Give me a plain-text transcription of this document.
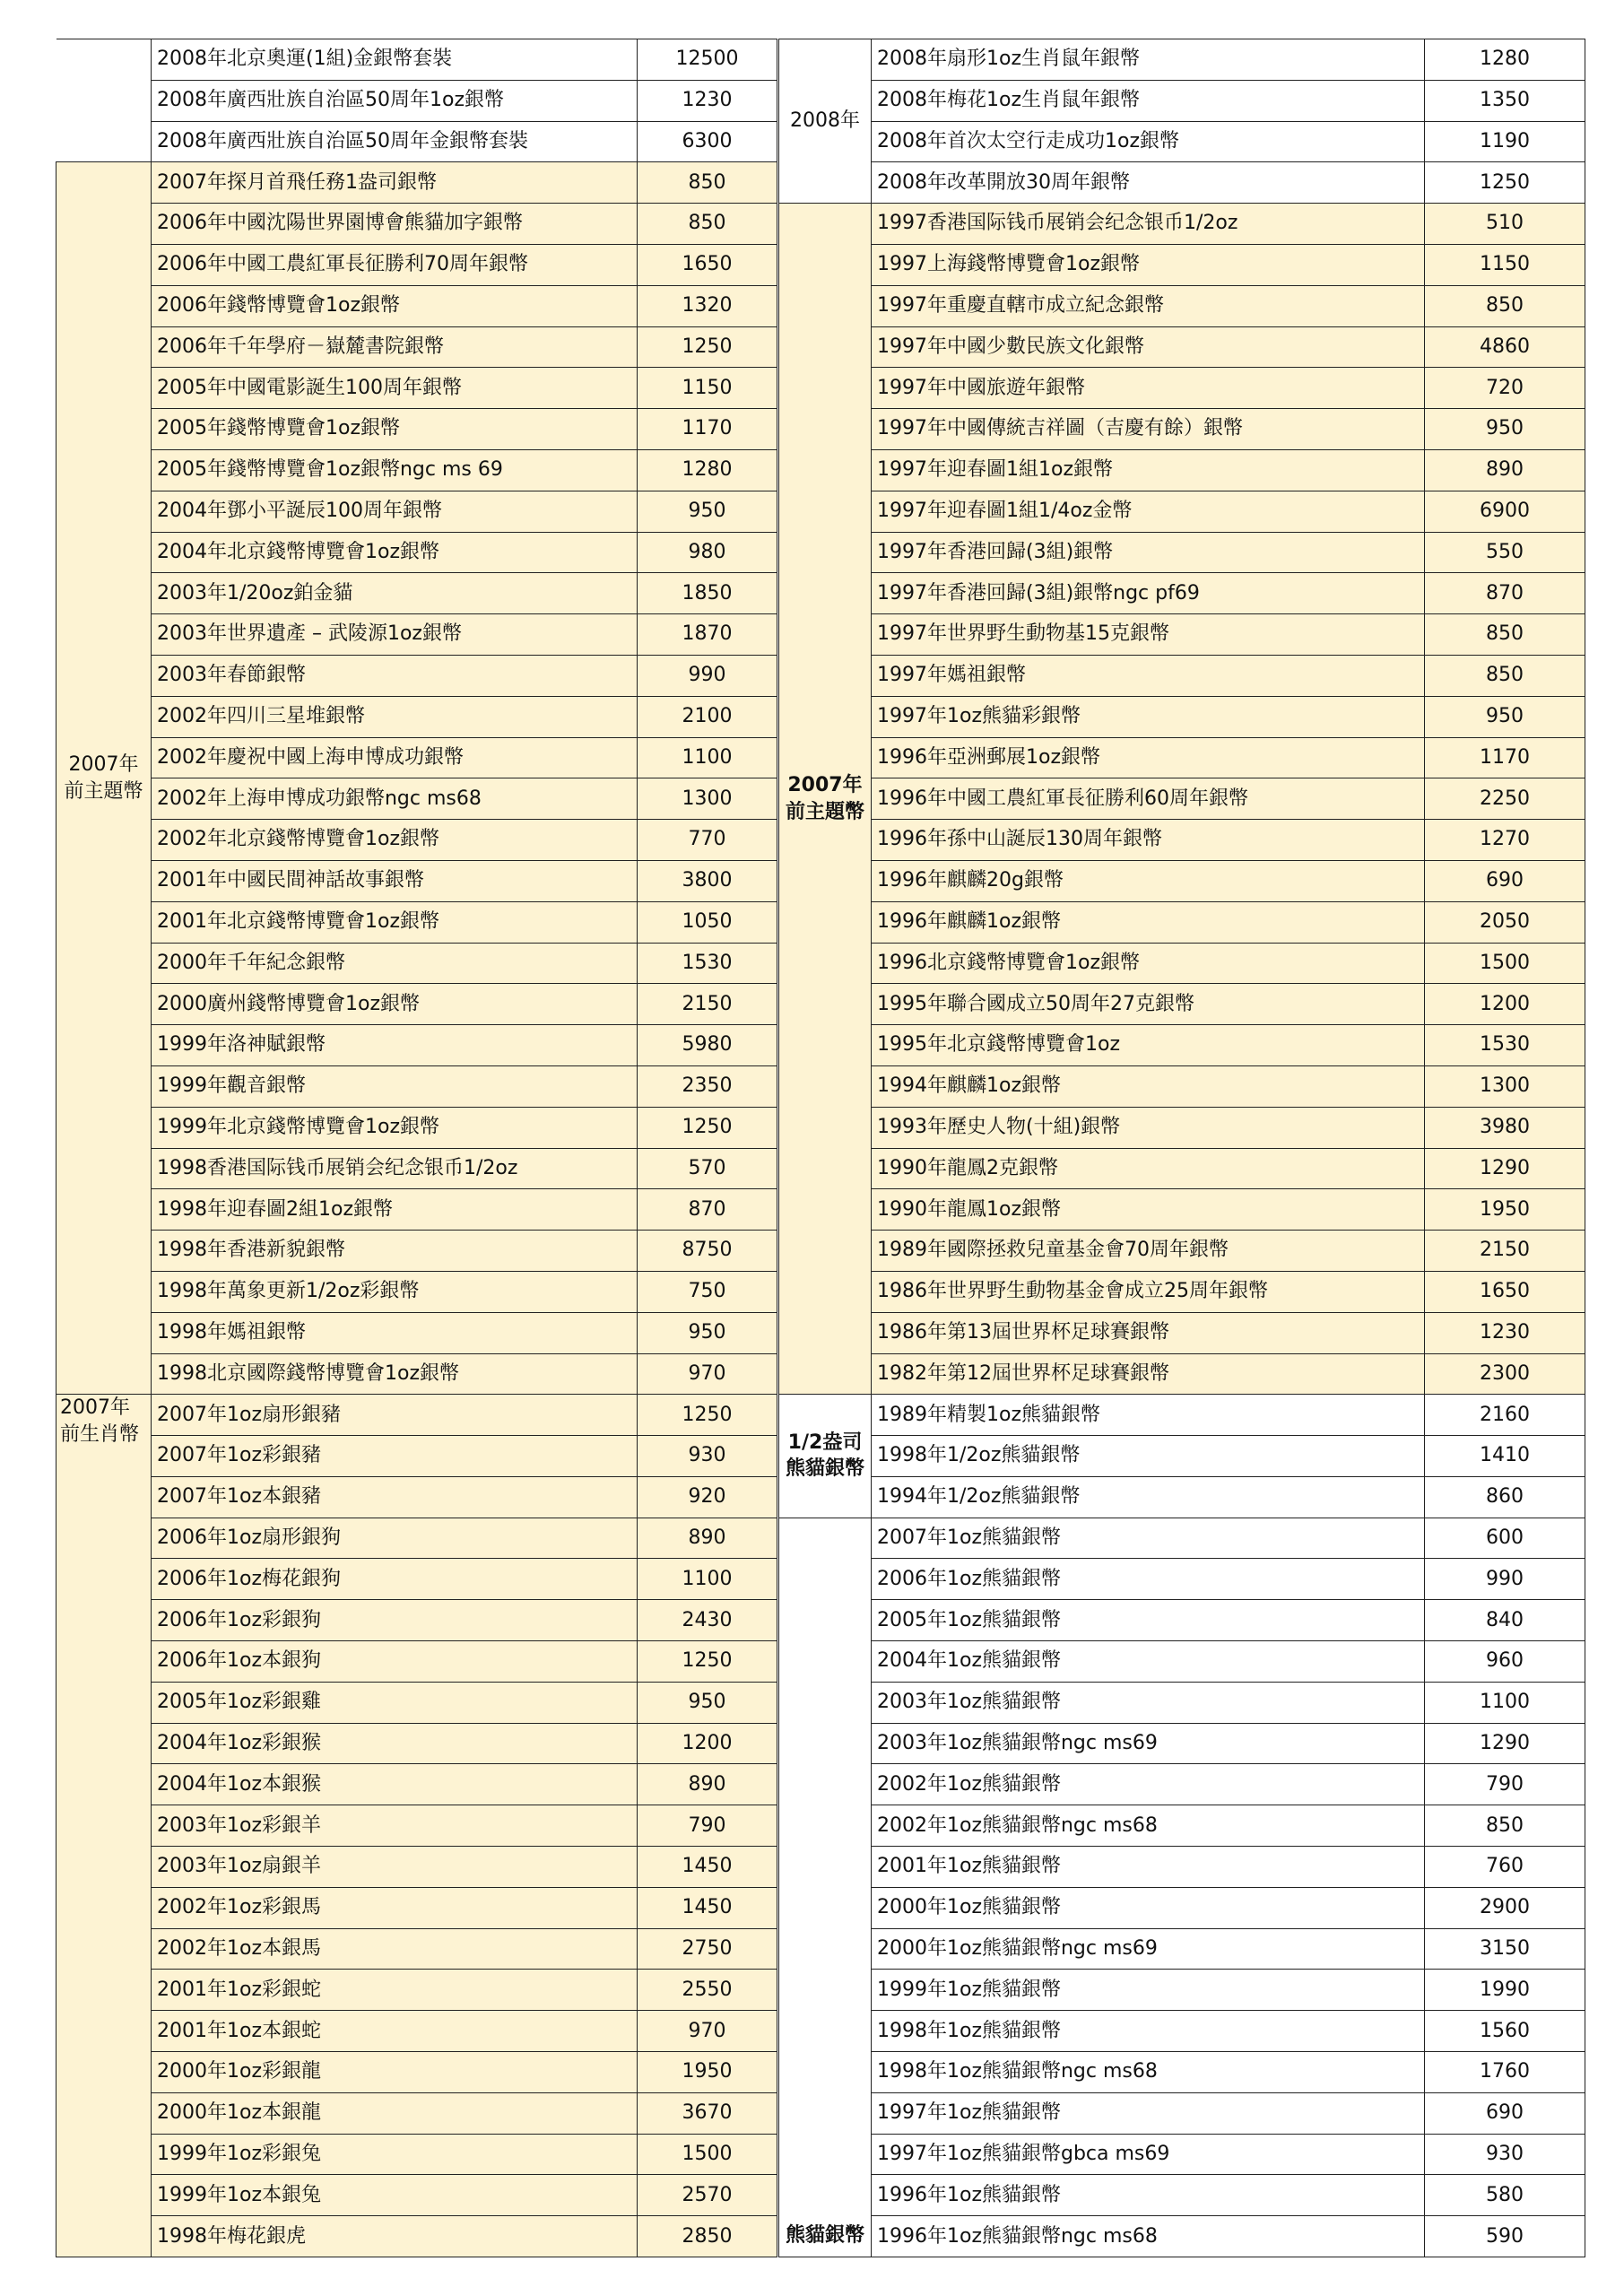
	2008年北京奧運(1組)金銀幣套裝	12500
	2008年廣西壯族自治區50周年1oz銀幣	1230
	2008年廣西壯族自治區50周年金銀幣套裝	6300
2007年
前主題幣	2007年探月首飛任務1盎司銀幣	850
	2006年中國沈陽世界園博會熊貓加字銀幣	850
	2006年中國工農紅軍長征勝利70周年銀幣	1650
	2006年錢幣博覽會1oz銀幣	1320
	2006年千年學府－嶽麓書院銀幣	1250
	2005年中國電影誕生100周年銀幣	1150
	2005年錢幣博覽會1oz銀幣	1170
	2005年錢幣博覽會1oz銀幣ngc ms 69	1280
	2004年鄧小平誕辰100周年銀幣	950
	2004年北京錢幣博覽會1oz銀幣	980
	2003年1/20oz鉑金貓	1850
	2003年世界遺產 – 武陵源1oz銀幣	1870
	2003年春節銀幣	990
	2002年四川三星堆銀幣	2100
	2002年慶祝中國上海申博成功銀幣	1100
	2002年上海申博成功銀幣ngc ms68	1300
	2002年北京錢幣博覽會1oz銀幣	770
	2001年中國民間神話故事銀幣	3800
	2001年北京錢幣博覽會1oz銀幣	1050
	2000年千年紀念銀幣	1530
	2000廣州錢幣博覽會1oz銀幣	2150
	1999年洛神賦銀幣	5980
	1999年觀音銀幣	2350
	1999年北京錢幣博覽會1oz銀幣	1250
	1998香港国际钱币展销会纪念银币1/2oz	570
	1998年迎春圖2組1oz銀幣	870
	1998年香港新貌銀幣	8750
	1998年萬象更新1/2oz彩銀幣	750
	1998年媽祖銀幣	950
	1998北京國際錢幣博覽會1oz銀幣	970
2007年
前生肖幣	2007年1oz扇形銀豬	1250
	2007年1oz彩銀豬	930
	2007年1oz本銀豬	920
	2006年1oz扇形銀狗	890
	2006年1oz梅花銀狗	1100
	2006年1oz彩銀狗	2430
	2006年1oz本銀狗	1250
	2005年1oz彩銀雞	950
	2004年1oz彩銀猴	1200
	2004年1oz本銀猴	890
	2003年1oz彩銀羊	790
	2003年1oz扇銀羊	1450
	2002年1oz彩銀馬	1450
	2002年1oz本銀馬	2750
	2001年1oz彩銀蛇	2550
	2001年1oz本銀蛇	970
	2000年1oz彩銀龍	1950
	2000年1oz本銀龍	3670
	1999年1oz彩銀兔	1500
	1999年1oz本銀兔	2570
	1998年梅花銀虎	2850
2008年	2008年扇形1oz生肖鼠年銀幣	1280
	2008年梅花1oz生肖鼠年銀幣	1350
	2008年首次太空行走成功1oz銀幣	1190
	2008年改革開放30周年銀幣	1250
2007年
前主題幣	1997香港国际钱币展销会纪念银币1/2oz	510
	1997上海錢幣博覽會1oz銀幣	1150
	1997年重慶直轄市成立紀念銀幣	850
	1997年中國少數民族文化銀幣	4860
	1997年中國旅遊年銀幣	720
	1997年中國傳統吉祥圖（吉慶有餘）銀幣	950
	1997年迎春圖1組1oz銀幣	890
	1997年迎春圖1組1/4oz金幣	6900
	1997年香港回歸(3組)銀幣	550
	1997年香港回歸(3組)銀幣ngc pf69	870
	1997年世界野生動物基15克銀幣	850
	1997年媽祖銀幣	850
	1997年1oz熊貓彩銀幣	950
	1996年亞洲郵展1oz銀幣	1170
	1996年中國工農紅軍長征勝利60周年銀幣	2250
	1996年孫中山誕辰130周年銀幣	1270
	1996年麒麟20g銀幣	690
	1996年麒麟1oz銀幣	2050
	1996北京錢幣博覽會1oz銀幣	1500
	1995年聯合國成立50周年27克銀幣	1200
	1995年北京錢幣博覽會1oz	1530
	1994年麒麟1oz銀幣	1300
	1993年歷史人物(十組)銀幣	3980
	1990年龍鳳2克銀幣	1290
	1990年龍鳳1oz銀幣	1950
	1989年國際拯救兒童基金會70周年銀幣	2150
	1986年世界野生動物基金會成立25周年銀幣	1650
	1986年第13屆世界杯足球賽銀幣	1230
	1982年第12屆世界杯足球賽銀幣	2300
1/2盎司
熊貓銀幣	1989年精製1oz熊貓銀幣	2160
	1998年1/2oz熊貓銀幣	1410
	1994年1/2oz熊貓銀幣	860
熊貓銀幣	2007年1oz熊貓銀幣	600
	2006年1oz熊貓銀幣	990
	2005年1oz熊貓銀幣	840
	2004年1oz熊貓銀幣	960
	2003年1oz熊貓銀幣	1100
	2003年1oz熊貓銀幣ngc ms69	1290
	2002年1oz熊貓銀幣	790
	2002年1oz熊貓銀幣ngc ms68	850
	2001年1oz熊貓銀幣	760
	2000年1oz熊貓銀幣	2900
	2000年1oz熊貓銀幣ngc ms69	3150
	1999年1oz熊貓銀幣	1990
	1998年1oz熊貓銀幣	1560
	1998年1oz熊貓銀幣ngc ms68	1760
	1997年1oz熊貓銀幣	690
	1997年1oz熊貓銀幣gbca ms69	930
	1996年1oz熊貓銀幣	580
	1996年1oz熊貓銀幣ngc ms68	590
